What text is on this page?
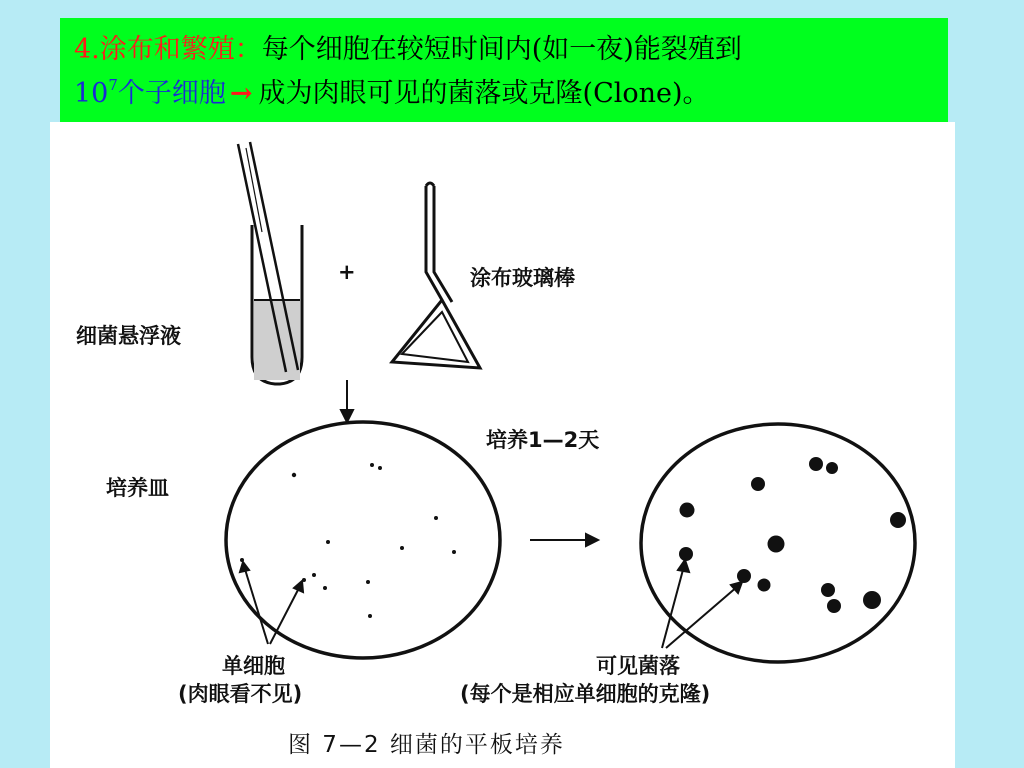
4.涂布和繁殖：每个细胞在较短时间内(如一夜)能裂殖到
$10^7$个子细胞 → 成为肉眼可见的菌落或克隆(Clone)。
细菌悬浮液
+	涂布玻璃棒
培养皿
培养1—2天
单细胞
(肉眼看不见)
可见菌落
(每个是相应单细胞的克隆)
图 7—2 细菌的平板培养
